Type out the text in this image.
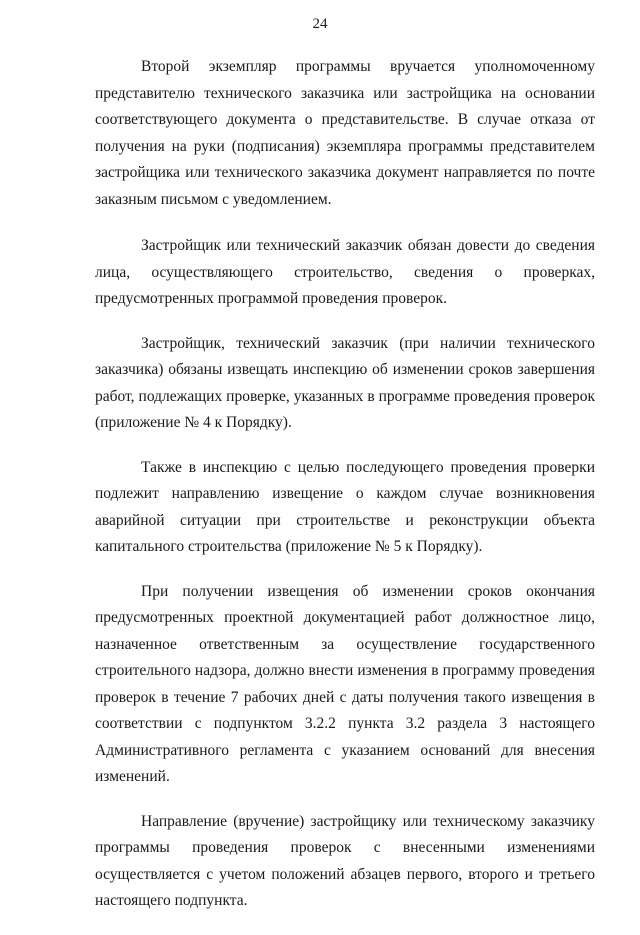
24

Второй экземпляр программы вручается уполномоченному представителю технического заказчика или застройщика на основании соответствующего документа о представительстве. В случае отказа от получения на руки (подписания) экземпляра программы представителем застройщика или технического заказчика документ направляется по почте заказным письмом с уведомлением.

Застройщик или технический заказчик обязан довести до сведения лица, осуществляющего строительство, сведения о проверках, предусмотренных программой проведения проверок.

Застройщик, технический заказчик (при наличии технического заказчика) обязаны извещать инспекцию об изменении сроков завершения работ, подлежащих проверке, указанных в программе проведения проверок (приложение № 4 к Порядку).

Также в инспекцию с целью последующего проведения проверки подлежит направлению извещение о каждом случае возникновения аварийной ситуации при строительстве и реконструкции объекта капитального строительства (приложение № 5 к Порядку).

При получении извещения об изменении сроков окончания предусмотренных проектной документацией работ должностное лицо, назначенное ответственным за осуществление государственного строительного надзора, должно внести изменения в программу проведения проверок в течение 7 рабочих дней с даты получения такого извещения в соответствии с подпунктом 3.2.2 пункта 3.2 раздела 3 настоящего Административного регламента с указанием оснований для внесения изменений.

Направление (вручение) застройщику или техническому заказчику программы проведения проверок с внесенными изменениями осуществляется с учетом положений абзацев первого, второго и третьего настоящего подпункта.
